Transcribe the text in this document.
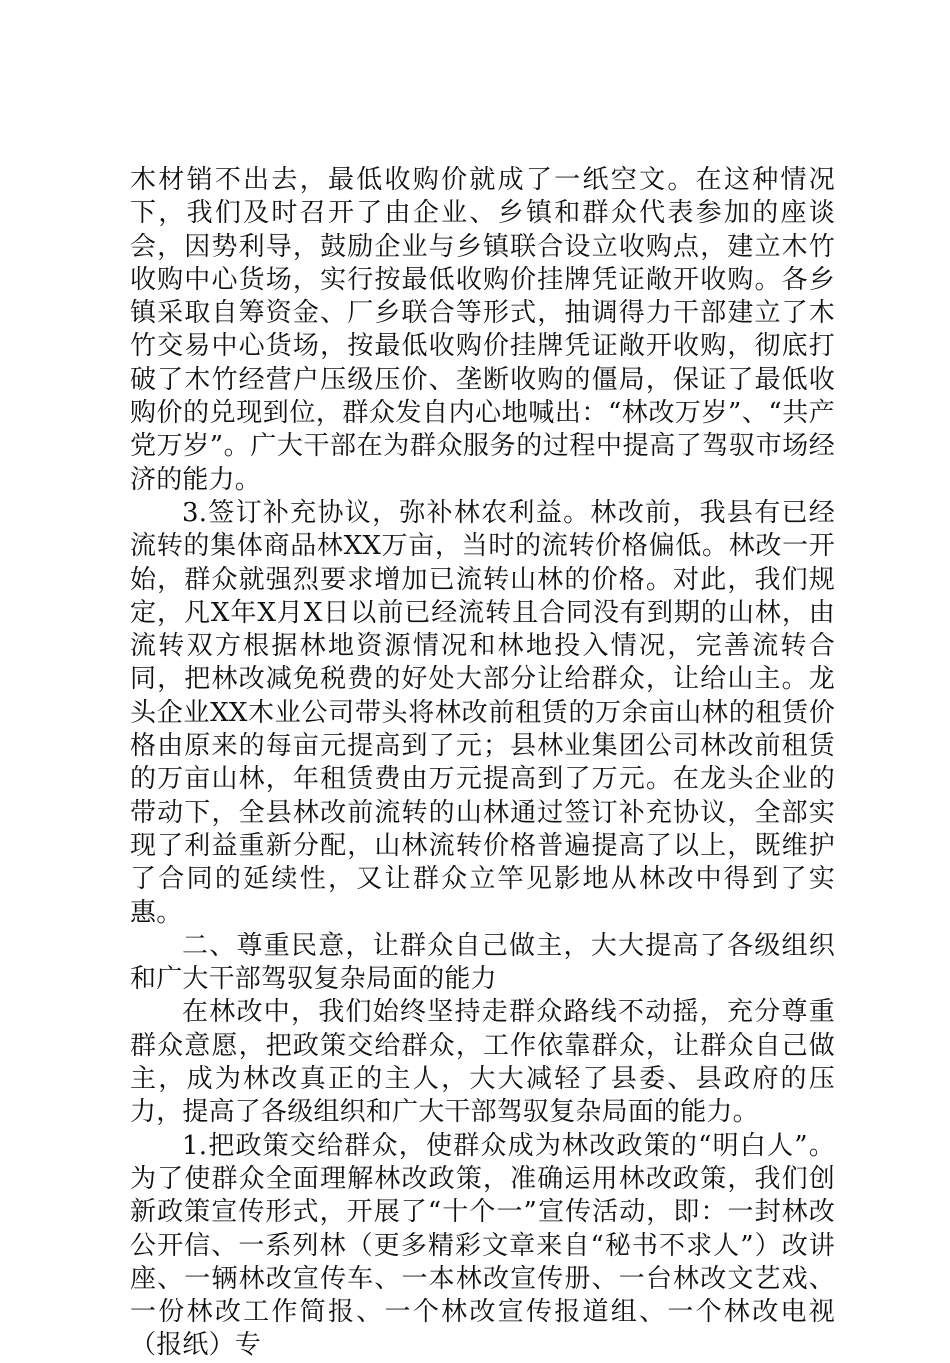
木材销不出去，最低收购价就成了一纸空文。在这种情况下，我们及时召开了由企业、乡镇和群众代表参加的座谈会，因势利导，鼓励企业与乡镇联合设立收购点，建立木竹收购中心货场，实行按最低收购价挂牌凭证敞开收购。各乡镇采取自筹资金、厂乡联合等形式，抽调得力干部建立了木竹交易中心货场，按最低收购价挂牌凭证敞开收购，彻底打破了木竹经营户压级压价、垄断收购的僵局，保证了最低收购价的兑现到位，群众发自内心地喊出：“林改万岁”、“共产党万岁”。广大干部在为群众服务的过程中提高了驾驭市场经济的能力。

3.签订补充协议，弥补林农利益。林改前，我县有已经流转的集体商品林XX万亩，当时的流转价格偏低。林改一开始，群众就强烈要求增加已流转山林的价格。对此，我们规定，凡X年X月X日以前已经流转且合同没有到期的山林，由流转双方根据林地资源情况和林地投入情况，完善流转合同，把林改减免税费的好处大部分让给群众，让给山主。龙头企业XX木业公司带头将林改前租赁的万余亩山林的租赁价格由原来的每亩元提高到了元；县林业集团公司林改前租赁的万亩山林，年租赁费由万元提高到了万元。在龙头企业的带动下，全县林改前流转的山林通过签订补充协议，全部实现了利益重新分配，山林流转价格普遍提高了以上，既维护了合同的延续性，又让群众立竿见影地从林改中得到了实惠。

二、尊重民意，让群众自己做主，大大提高了各级组织和广大干部驾驭复杂局面的能力

在林改中，我们始终坚持走群众路线不动摇，充分尊重群众意愿，把政策交给群众，工作依靠群众，让群众自己做主，成为林改真正的主人，大大减轻了县委、县政府的压力，提高了各级组织和广大干部驾驭复杂局面的能力。

1.把政策交给群众，使群众成为林改政策的“明白人”。为了使群众全面理解林改政策，准确运用林改政策，我们创新政策宣传形式，开展了“十个一”宣传活动，即：一封林改公开信、一系列林（更多精彩文章来自“秘书不求人”）改讲座、一辆林改宣传车、一本林改宣传册、一台林改文艺戏、一份林改工作简报、一个林改宣传报道组、一个林改电视（报纸）专
